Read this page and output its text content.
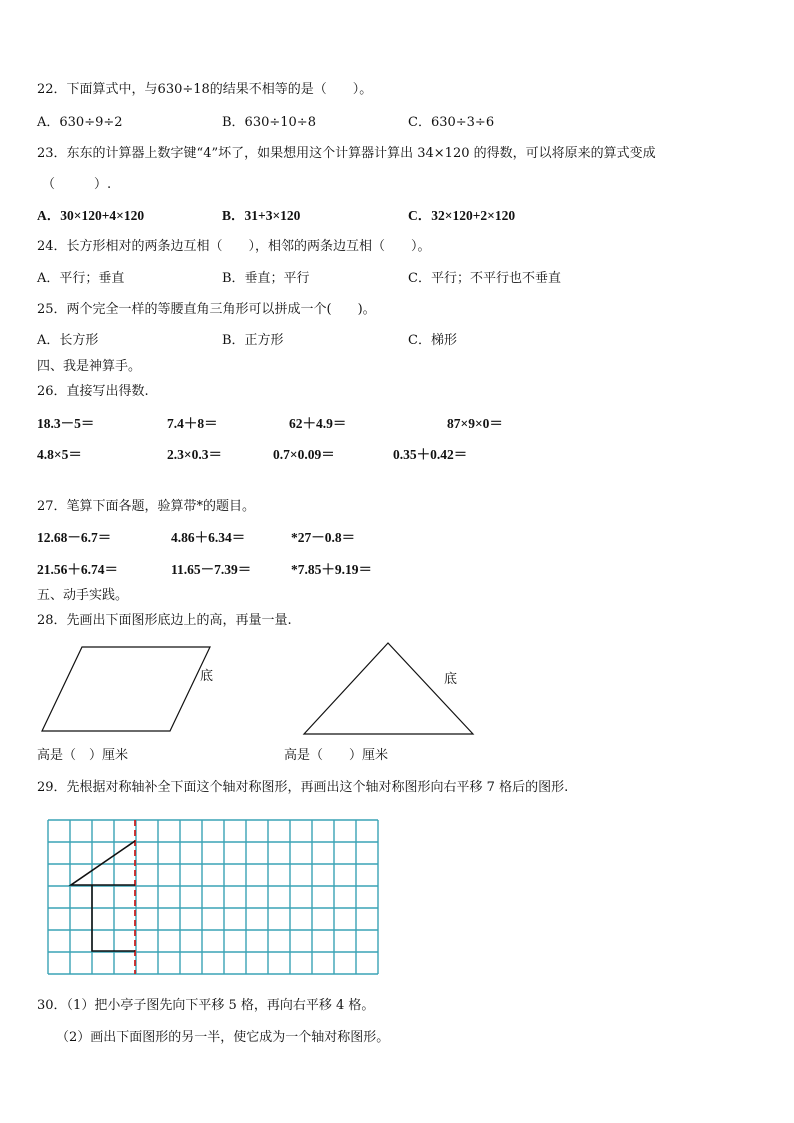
22．下面算式中，与630÷18的结果不相等的是（　　）。
A．630÷9÷2	B．630÷10÷8	C．630÷3÷6
23．东东的计算器上数字键“4”坏了，如果想用这个计算器计算出 34×120 的得数，可以将原来的算式变成
（　　　）.
A．30×120+4×120	B．31+3×120	C．32×120+2×120
24．长方形相对的两条边互相（　　），相邻的两条边互相（　　）。
A．平行；垂直	B．垂直；平行	C．平行；不平行也不垂直
25．两个完全一样的等腰直角三角形可以拼成一个(　　)。
A．长方形	B．正方形	C．梯形
四、我是神算手。
26．直接写出得数.
18.3－5＝	7.4＋8＝	62＋4.9＝	87×9×0＝
4.8×5＝	2.3×0.3＝	0.7×0.09＝	0.35＋0.42＝
27．笔算下面各题，验算带*的题目。
12.68－6.7＝	4.86＋6.34＝	*27－0.8＝
21.56＋6.74＝	11.65－7.39＝	*7.85＋9.19＝
五、动手实践。
28．先画出下面图形底边上的高，再量一量.
底	底
高是（　）厘米	高是（　　）厘米
29．先根据对称轴补全下面这个轴对称图形，再画出这个轴对称图形向右平移 7 格后的图形.
30．（1）把小亭子图先向下平移 5 格，再向右平移 4 格。
（2）画出下面图形的另一半，使它成为一个轴对称图形。
